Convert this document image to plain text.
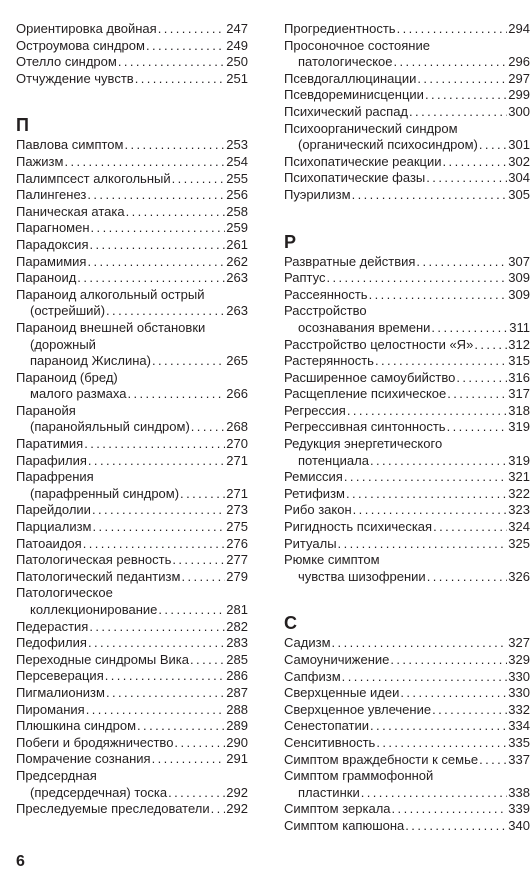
Ориентировка двойная . . .	247
Остроумова синдром . . .	249
Отелло синдром . . .	250
Отчуждение чувств . . .	251
П
Павлова симптом . . .	253
Пажизм . . .	254
Палимпсест алкогольный . . .	255
Палингенез . . .	256
Паническая атака . . .	258
Парагномен . . .	259
Парадоксия . . .	261
Парамимия . . .	262
Параноид . . .	263
Параноид алкогольный острый
(острейший) . . .	263
Параноид внешней обстановки
(дорожный
параноид Жислина) . . .	265
Параноид (бред)
малого размаха . . .	266
Паранойя
(паранойяльный синдром) . . .	268
Паратимия . . .	270
Парафилия . . .	271
Парафрения
(парафренный синдром) . . .	271
Парейдолии . . .	273
Парциализм . . .	275
Патоаидоя . . .	276
Патологическая ревность . . .	277
Патологический педантизм . . .	279
Патологическое
коллекционирование . . .	281
Педерастия . . .	282
Педофилия . . .	283
Переходные синдромы Вика . . .	285
Персеверация . . .	286
Пигмалионизм . . .	287
Пиромания . . .	288
Плюшкина синдром . . .	289
Побеги и бродяжничество . . .	290
Помрачение сознания . . .	291
Предсердная
(предсердечная) тоска . . .	292
Преследуемые преследователи . . . 292
Прогредиентность . . .	294
Просоночное состояние
патологическое . . .	296
Псевдогаллюцинации . . .	297
Псевдореминисценции . . .	299
Психический распад . . .	300
Психоорганический синдром
(органический психосиндром) . . . 301
Психопатические реакции . . .	302
Психопатические фазы . . .	304
Пуэрилизм . . .	305
Р
Развратные действия . . .	307
Раптус . . .	309
Рассеянность . . .	309
Расстройство
осознавания времени . . .	311
Расстройство целостности «Я» . . .	312
Растерянность . . .	315
Расширенное самоубийство . . .	316
Расщепление психическое . . .	317
Регрессия . . .	318
Регрессивная синтонность . . .	319
Редукция энергетического
потенциала . . .	319
Ремиссия . . .	321
Ретифизм . . .	322
Рибо закон . . .	323
Ригидность психическая . . .	324
Ритуалы . . .	325
Рюмке симптом
чувства шизофрении . . .	326
С
Садизм . . .	327
Самоуничижение . . .	329
Сапфизм . . .	330
Сверхценные идеи . . .	330
Сверхценное увлечение . . .	332
Сенестопатии . . .	334
Сенситивность . . .	335
Симптом враждебности к семье . . . 337
Симптом граммофонной
пластинки . . .	338
Симптом зеркала . . .	339
Симптом капюшона . . .	340
6
